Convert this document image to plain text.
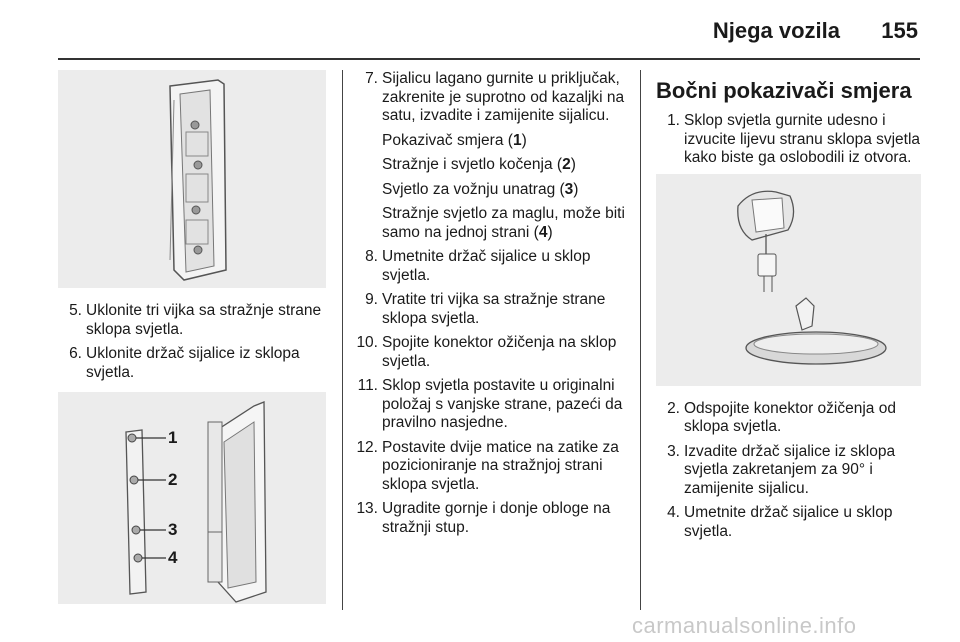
Njega vozila 155
5. Uklonite tri vijka sa stražnje strane sklopa svjetla.
6. Uklonite držač sijalice iz sklopa svjetla.
1
2
3
4
7. Sijalicu lagano gurnite u priključak, zakrenite je suprotno od kazaljki na satu, izvadite i zamijenite sijalicu.
Pokazivač smjera (1)
Stražnje i svjetlo kočenja (2)
Svjetlo za vožnju unatrag (3)
Stražnje svjetlo za maglu, može biti samo na jednoj strani (4)
8. Umetnite držač sijalice u sklop svjetla.
9. Vratite tri vijka sa stražnje strane sklopa svjetla.
10. Spojite konektor ožičenja na sklop svjetla.
11. Sklop svjetla postavite u originalni položaj s vanjske strane, pazeći da pravilno nasjedne.
12. Postavite dvije matice na zatike za pozicioniranje na stražnjoj strani sklopa svjetla.
13. Ugradite gornje i donje obloge na stražnji stup.
Bočni pokazivači smjera
1. Sklop svjetla gurnite udesno i izvucite lijevu stranu sklopa svjetla kako biste ga oslobodili iz otvora.
2. Odspojite konektor ožičenja od sklopa svjetla.
3. Izvadite držač sijalice iz sklopa svjetla zakretanjem za 90° i zamijenite sijalicu.
4. Umetnite držač sijalice u sklop svjetla.
carmanualsonline.info
